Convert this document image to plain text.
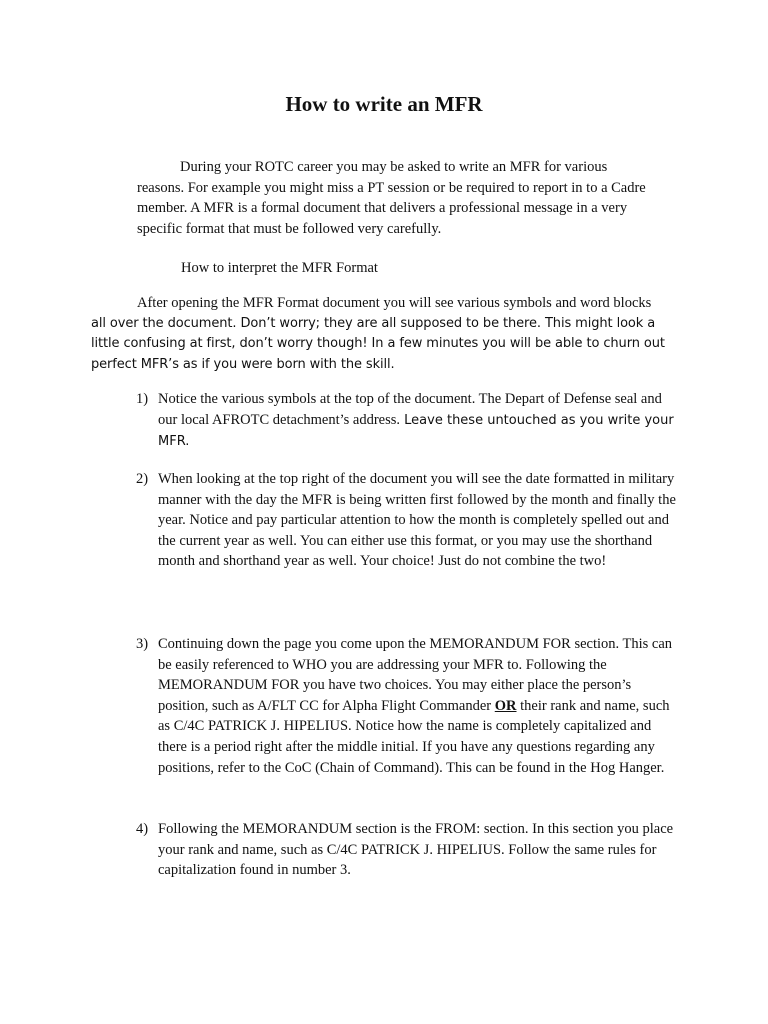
How to write an MFR
During your ROTC career you may be asked to write an MFR for various reasons. For example you might miss a PT session or be required to report in to a Cadre member. A MFR is a formal document that delivers a professional message in a very specific format that must be followed very carefully.
How to interpret the MFR Format
After opening the MFR Format document you will see various symbols and word blocks
all over the document. Don’t worry; they are all supposed to be there. This might look a little confusing at first, don’t worry though! In a few minutes you will be able to churn out perfect MFR’s as if you were born with the skill.
1) Notice the various symbols at the top of the document. The Depart of Defense seal and our local AFROTC detachment’s address. Leave these untouched as you write your MFR.
2) When looking at the top right of the document you will see the date formatted in military manner with the day the MFR is being written first followed by the month and finally the year. Notice and pay particular attention to how the month is completely spelled out and the current year as well. You can either use this format, or you may use the shorthand month and shorthand year as well. Your choice! Just do not combine the two!
3) Continuing down the page you come upon the MEMORANDUM FOR section. This can be easily referenced to WHO you are addressing your MFR to. Following the MEMORANDUM FOR you have two choices. You may either place the person’s position, such as A/FLT CC for Alpha Flight Commander OR their rank and name, such as C/4C PATRICK J. HIPELIUS. Notice how the name is completely capitalized and there is a period right after the middle initial. If you have any questions regarding any positions, refer to the CoC (Chain of Command). This can be found in the Hog Hanger.
4) Following the MEMORANDUM section is the FROM: section. In this section you place your rank and name, such as C/4C PATRICK J. HIPELIUS. Follow the same rules for capitalization found in number 3.
